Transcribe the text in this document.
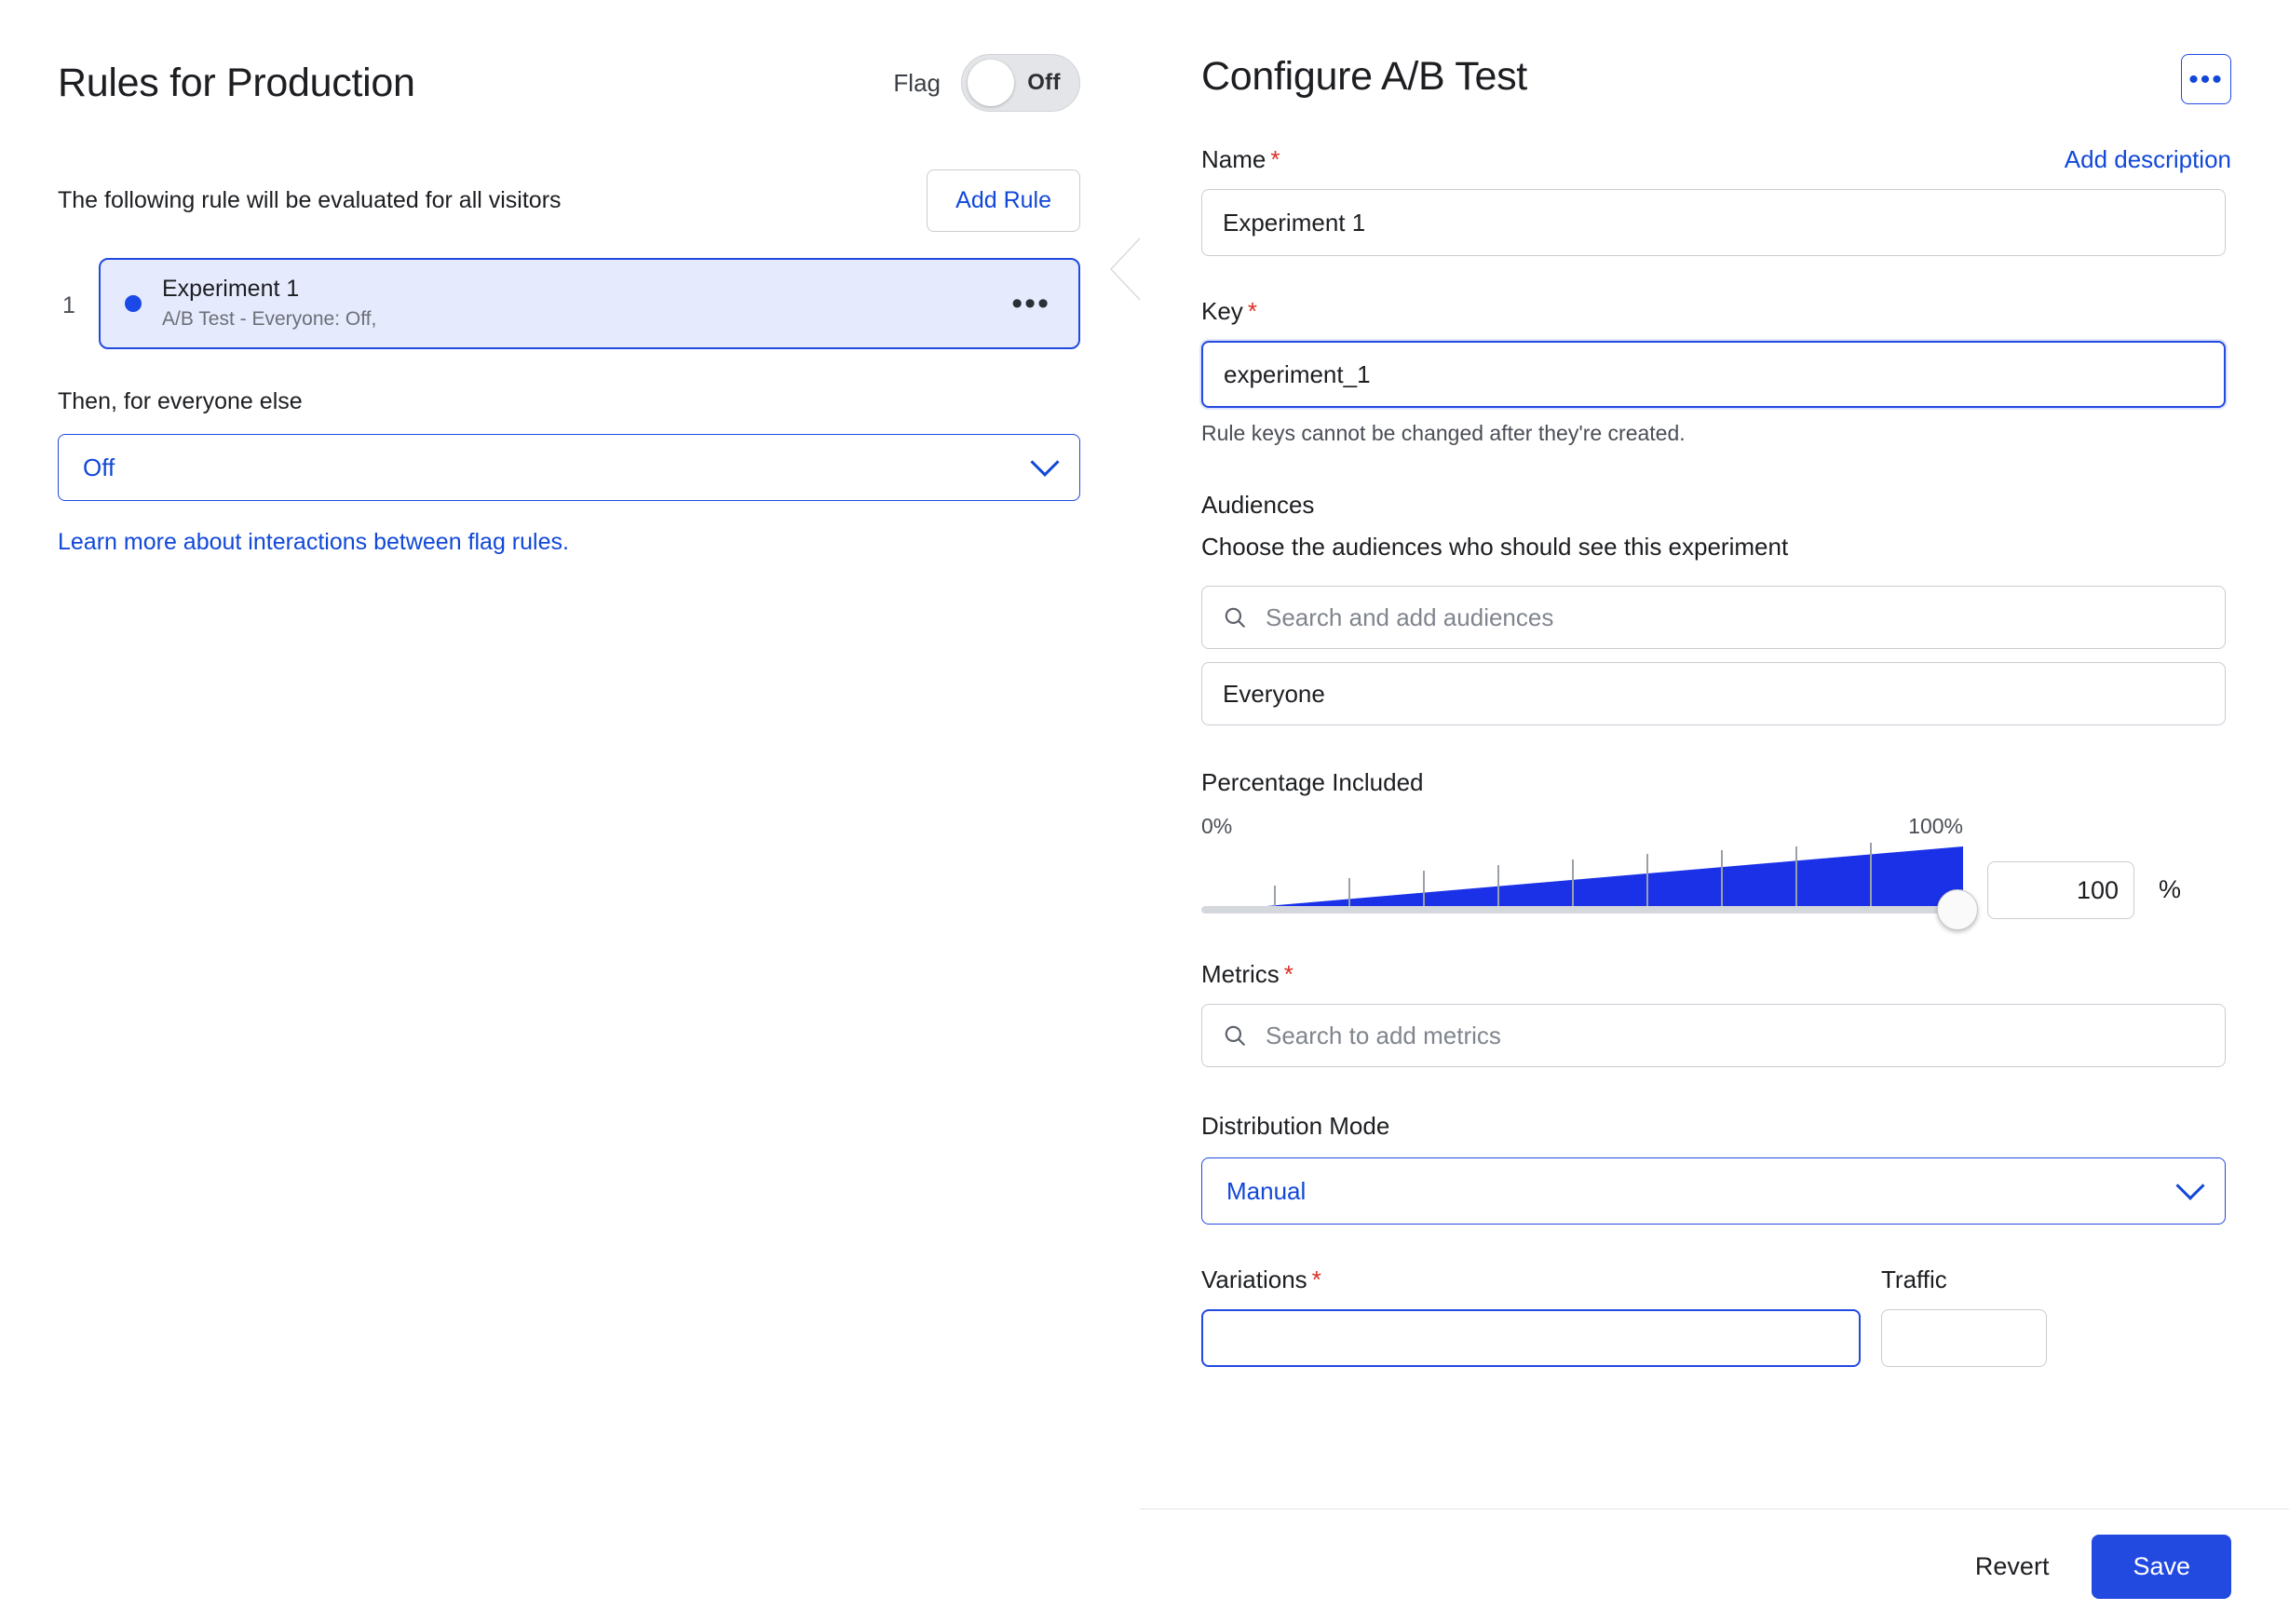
Rules for Production	Flag	Off
The following rule will be evaluated for all visitors	Add Rule
1
Experiment 1
A/B Test - Everyone: Off,	•••
Then, for everyone else
Off
Learn more about interactions between flag rules.
Configure A/B Test	•••
Name *	Add description
Experiment 1
Key *
experiment_1
Rule keys cannot be changed after they're created.
Audiences
Choose the audiences who should see this experiment
Search and add audiences
Everyone
Percentage Included
0%	100%
100
%
Metrics *
Search to add metrics
Distribution Mode
Manual
Variations *	Traffic
Revert	Save
